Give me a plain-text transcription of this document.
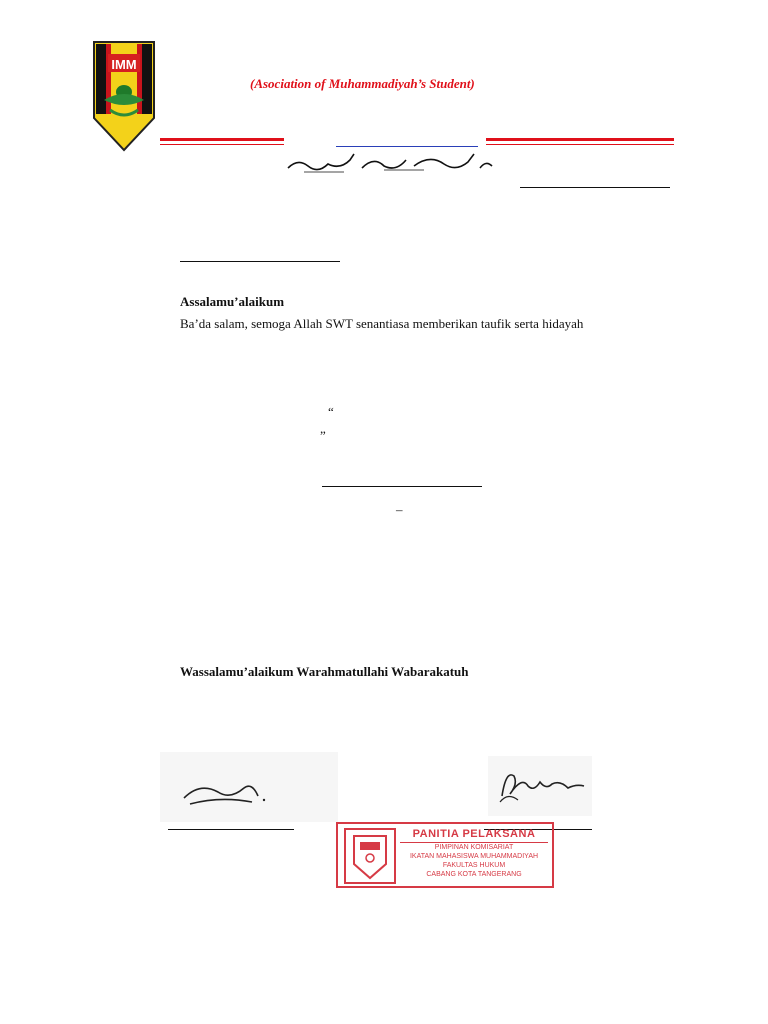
IMM
(Asociation of Muhammadiyah’s Student)
Assalamu’alaikum
Ba’da salam, semoga Allah SWT senantiasa memberikan taufik serta hidayah
“
”
–
Wassalamu’alaikum Warahmatullahi Wabarakatuh
PANITIA PELAKSANA
PIMPINAN KOMISARIAT
IKATAN MAHASISWA MUHAMMADIYAH
FAKULTAS HUKUM
CABANG KOTA TANGERANG
